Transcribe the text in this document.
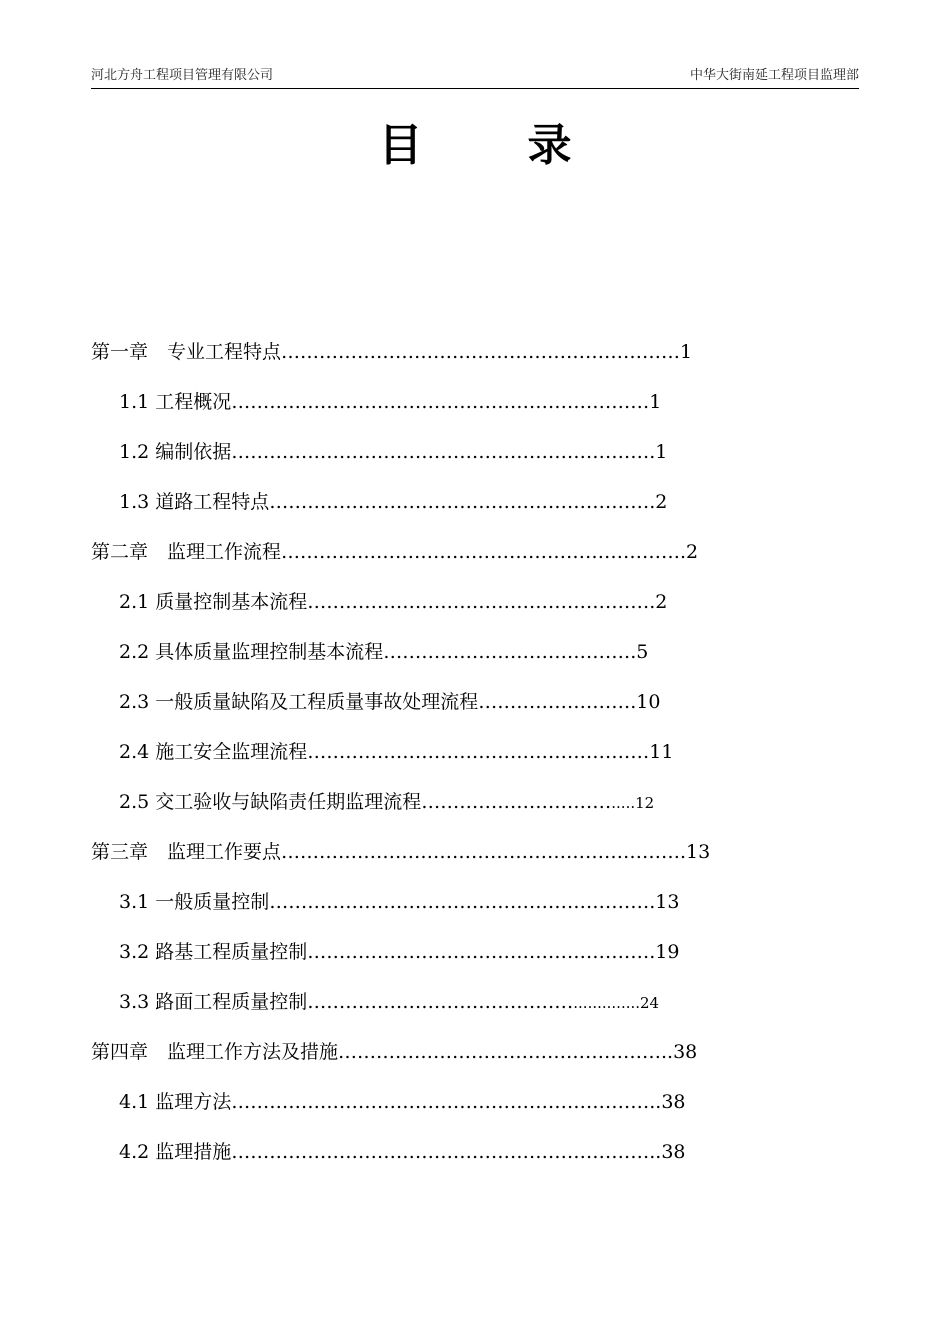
河北方舟工程项目管理有限公司	中华大街南延工程项目监理部
目 录
第一章　专业工程特点………………………………………………………1
1.1 工程概况…………………………………………………………1
1.2 编制依据………………………………………………………….1
1.3 道路工程特点…………………………………………………….2
第二章　监理工作流程……………………………………………………….2
2.1 质量控制基本流程……………………………………………….2
2.2 具体质量监理控制基本流程………………………………….5
2.3 一般质量缺陷及工程质量事故处理流程…………………….10
2.4 施工安全监理流程………………………………………………11
2.5 交工验收与缺陷责任期监理流程………………………….....12
第三章　监理工作要点……………………………………………………….13
3.1 一般质量控制…………………………………………………….13
3.2 路基工程质量控制……………………………………………….19
3.3 路面工程质量控制……………………………………..............24
第四章　监理工作方法及措施……………………………………………..38
4.1 监理方法…………………………………………………………..38
4.2 监理措施…………………………………………………………..38
